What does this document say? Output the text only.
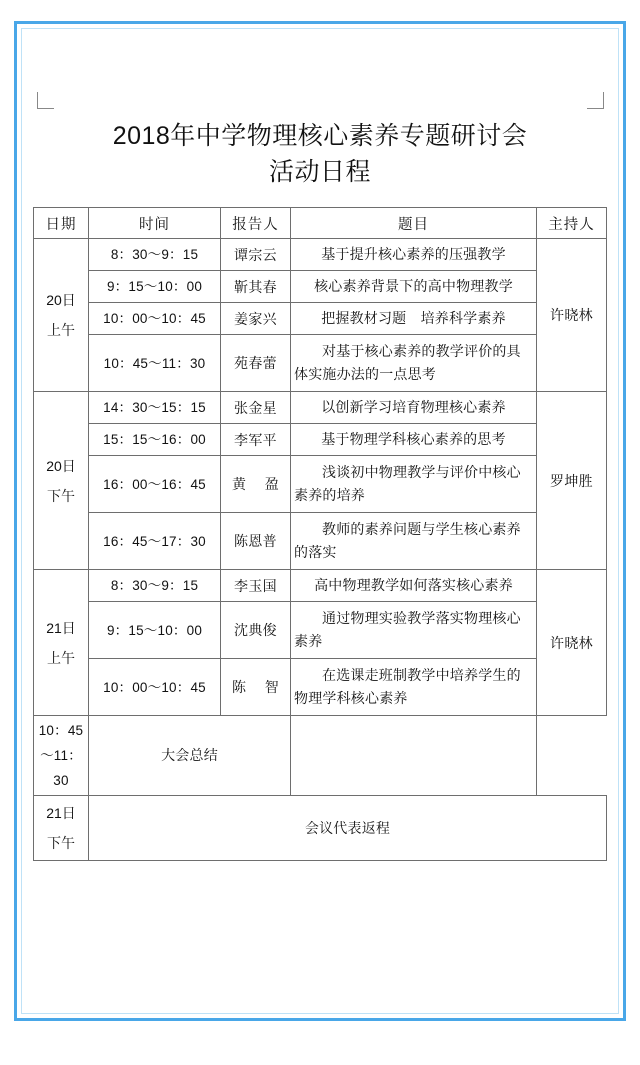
2018年中学物理核心素养专题研讨会
活动日程
日期	时间	报告人	题目	主持人

20日
上午	8：30～9：15	谭宗云	基于提升核心素养的压强教学	许晓林
	9：15～10：00	靳其春	核心素养背景下的高中物理教学	
	10：00～10：45	姜家兴	把握教材习题　培养科学素养	
	10：45～11：30	苑春蕾	对基于核心素养的教学评价的具体实施办法的一点思考	

20日
下午	14：30～15：15	张金星	以创新学习培育物理核心素养	罗坤胜
	15：15～16：00	李军平	基于物理学科核心素养的思考	
	16：00～16：45	黄盈	浅谈初中物理教学与评价中核心素养的培养	
	16：45～17：30	陈恩普	教师的素养问题与学生核心素养的落实	

21日
上午	8：30～9：15	李玉国	高中物理教学如何落实核心素养	许晓林
	9：15～10：00	沈典俊	通过物理实验教学落实物理核心素养	
	10：00～10：45	陈智	在选课走班制教学中培养学生的物理学科核心素养	
10：45～11：30	大会总结			

21日
下午	会议代表返程			
